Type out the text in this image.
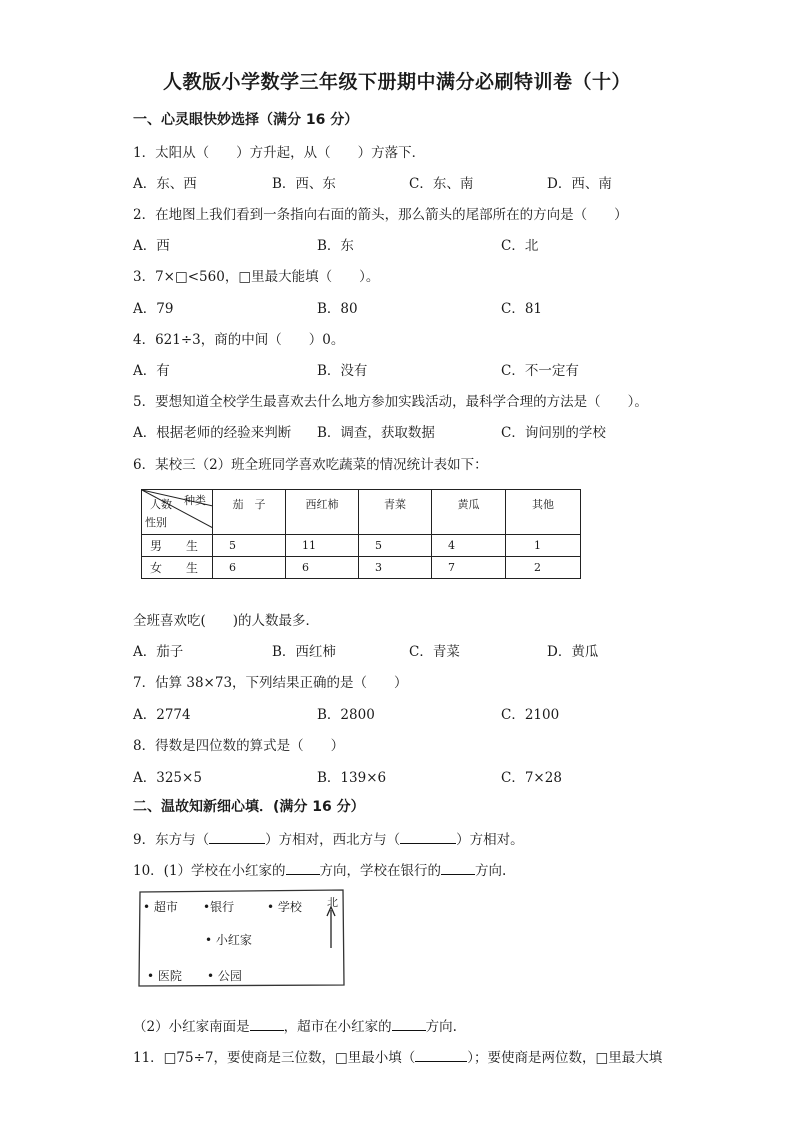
人教版小学数学三年级下册期中满分必刷特训卷（十）
一、心灵眼快妙选择（满分 16 分）
1．太阳从（　　）方升起，从（　　）方落下．
A．东、西	B．西、东	C．东、南	D．西、南
2．在地图上我们看到一条指向右面的箭头，那么箭头的尾部所在的方向是（　　）
A．西	B．东	C．北
3．7×□<560，□里最大能填（　　）。
A．79	B．80	C．81
4．621÷3，商的中间（　　）0。
A．有	B．没有	C．不一定有
5．要想知道全校学生最喜欢去什么地方参加实践活动，最科学合理的方法是（　　）。
A．根据老师的经验来判断 B．调查，获取数据	C．询问别的学校
6．某校三（2）班全班同学喜欢吃蔬菜的情况统计表如下：
人数 种类
性别	茄　子	西红柿	青菜	黄瓜	其他
男　生	5	11	5	4	1
女　生	6	6	3	7	2
全班喜欢吃(　　)的人数最多．
A．茄子	B．西红柿	C．青菜	D．黄瓜
7．估算 38×73，下列结果正确的是（　　）
A．2774	B．2800	C．2100
8．得数是四位数的算式是（　　）
A．325×5	B．139×6	C．7×28
二、温故知新细心填．(满分 16 分）
9．东方与（	）方相对，西北方与（	）方相对。
10．(1）学校在小红家的	方向，学校在银行的	方向.
• 超市 •银行	• 学校 北
• 小红家
• 医院 • 公园
（2）小红家南面是	，超市在小红家的	方向.
11．□75÷7，要使商是三位数，□里最小填（	）；要使商是两位数，□里最大填
